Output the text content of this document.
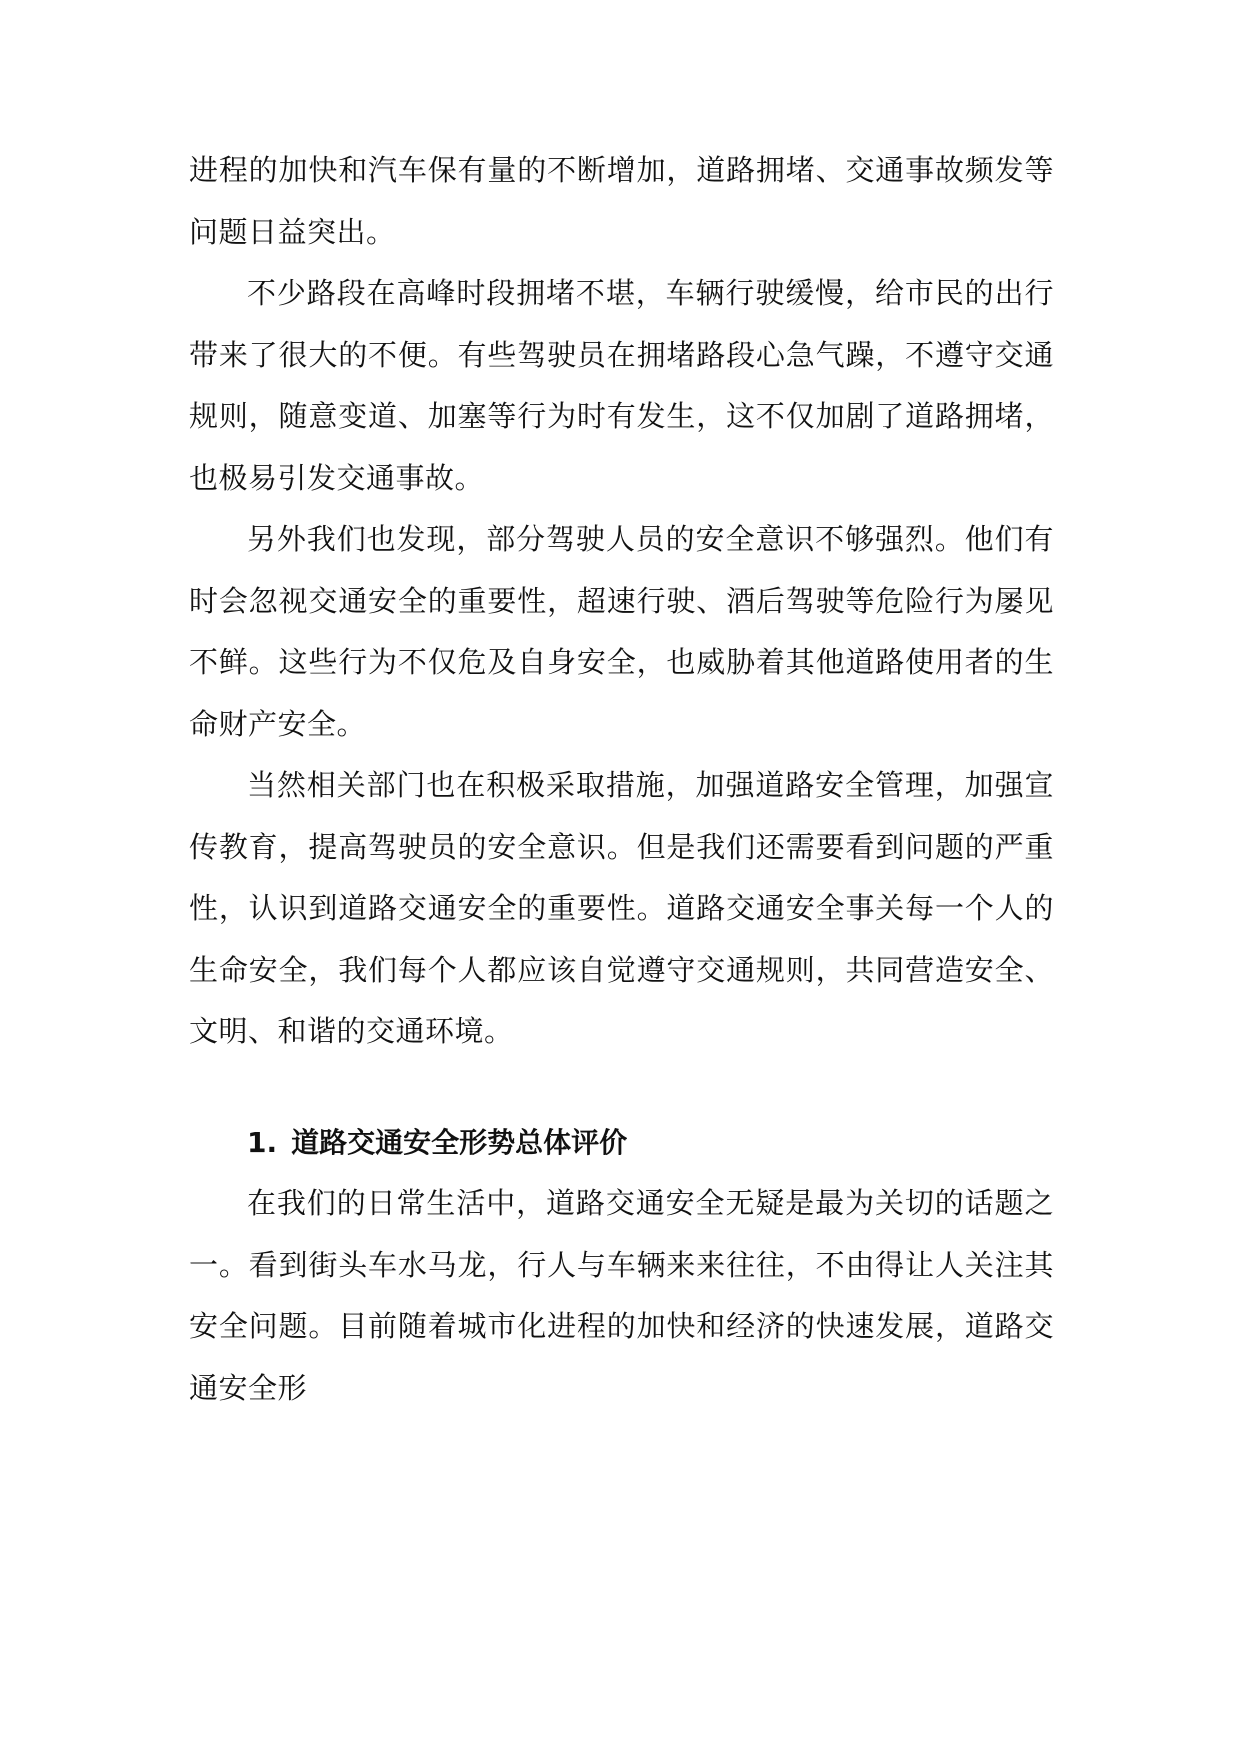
进程的加快和汽车保有量的不断增加，道路拥堵、交通事故频发等问题日益突出。

不少路段在高峰时段拥堵不堪，车辆行驶缓慢，给市民的出行带来了很大的不便。有些驾驶员在拥堵路段心急气躁，不遵守交通规则，随意变道、加塞等行为时有发生，这不仅加剧了道路拥堵，也极易引发交通事故。

另外我们也发现，部分驾驶人员的安全意识不够强烈。他们有时会忽视交通安全的重要性，超速行驶、酒后驾驶等危险行为屡见不鲜。这些行为不仅危及自身安全，也威胁着其他道路使用者的生命财产安全。

当然相关部门也在积极采取措施，加强道路安全管理，加强宣传教育，提高驾驶员的安全意识。但是我们还需要看到问题的严重性，认识到道路交通安全的重要性。道路交通安全事关每一个人的生命安全，我们每个人都应该自觉遵守交通规则，共同营造安全、文明、和谐的交通环境。

1. 道路交通安全形势总体评价

在我们的日常生活中，道路交通安全无疑是最为关切的话题之一。看到街头车水马龙，行人与车辆来来往往，不由得让人关注其安全问题。目前随着城市化进程的加快和经济的快速发展，道路交通安全形
